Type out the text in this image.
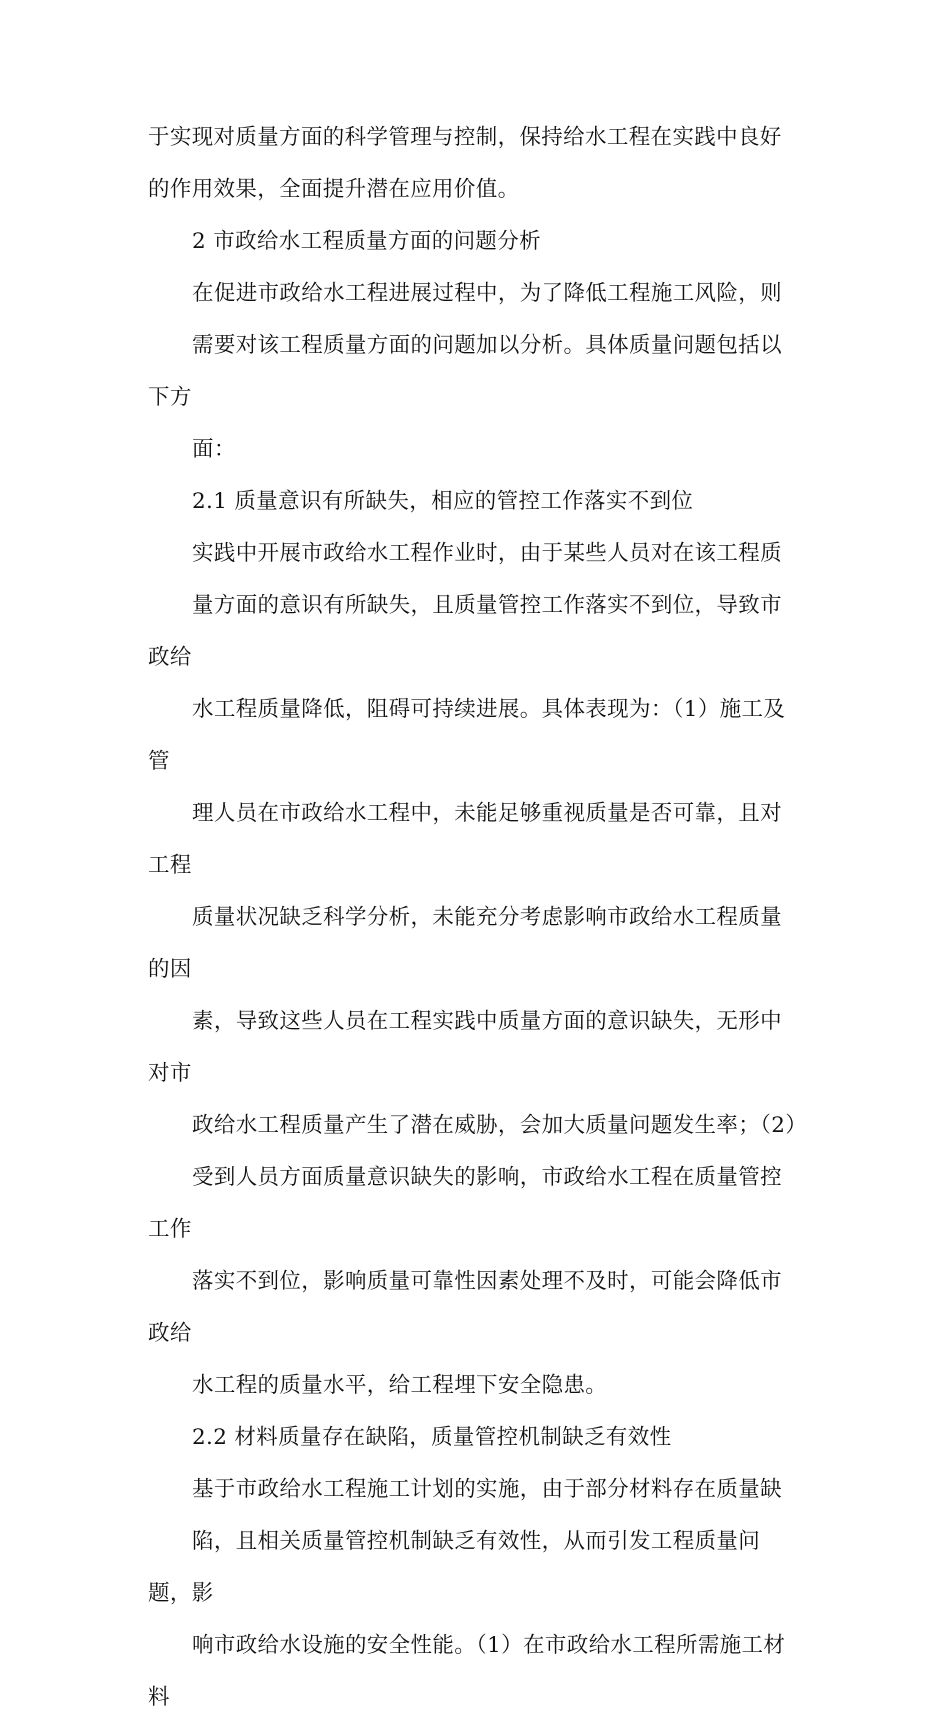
于实现对质量方面的科学管理与控制，保持给水工程在实践中良好
的作用效果，全面提升潜在应用价值。
2 市政给水工程质量方面的问题分析
在促进市政给水工程进展过程中，为了降低工程施工风险，则
需要对该工程质量方面的问题加以分析。具体质量问题包括以下方
面：
2.1 质量意识有所缺失，相应的管控工作落实不到位
实践中开展市政给水工程作业时，由于某些人员对在该工程质
量方面的意识有所缺失，且质量管控工作落实不到位，导致市政给
水工程质量降低，阻碍可持续进展。具体表现为：（1）施工及管
理人员在市政给水工程中，未能足够重视质量是否可靠，且对工程
质量状况缺乏科学分析，未能充分考虑影响市政给水工程质量的因
素，导致这些人员在工程实践中质量方面的意识缺失，无形中对市
政给水工程质量产生了潜在威胁，会加大质量问题发生率；（2）
受到人员方面质量意识缺失的影响，市政给水工程在质量管控工作
落实不到位，影响质量可靠性因素处理不及时，可能会降低市政给
水工程的质量水平，给工程埋下安全隐患。
2.2 材料质量存在缺陷，质量管控机制缺乏有效性
基于市政给水工程施工计划的实施，由于部分材料存在质量缺
陷，且相关质量管控机制缺乏有效性，从而引发工程质量问题，影
响市政给水设施的安全性能。（1）在市政给水工程所需施工材料
